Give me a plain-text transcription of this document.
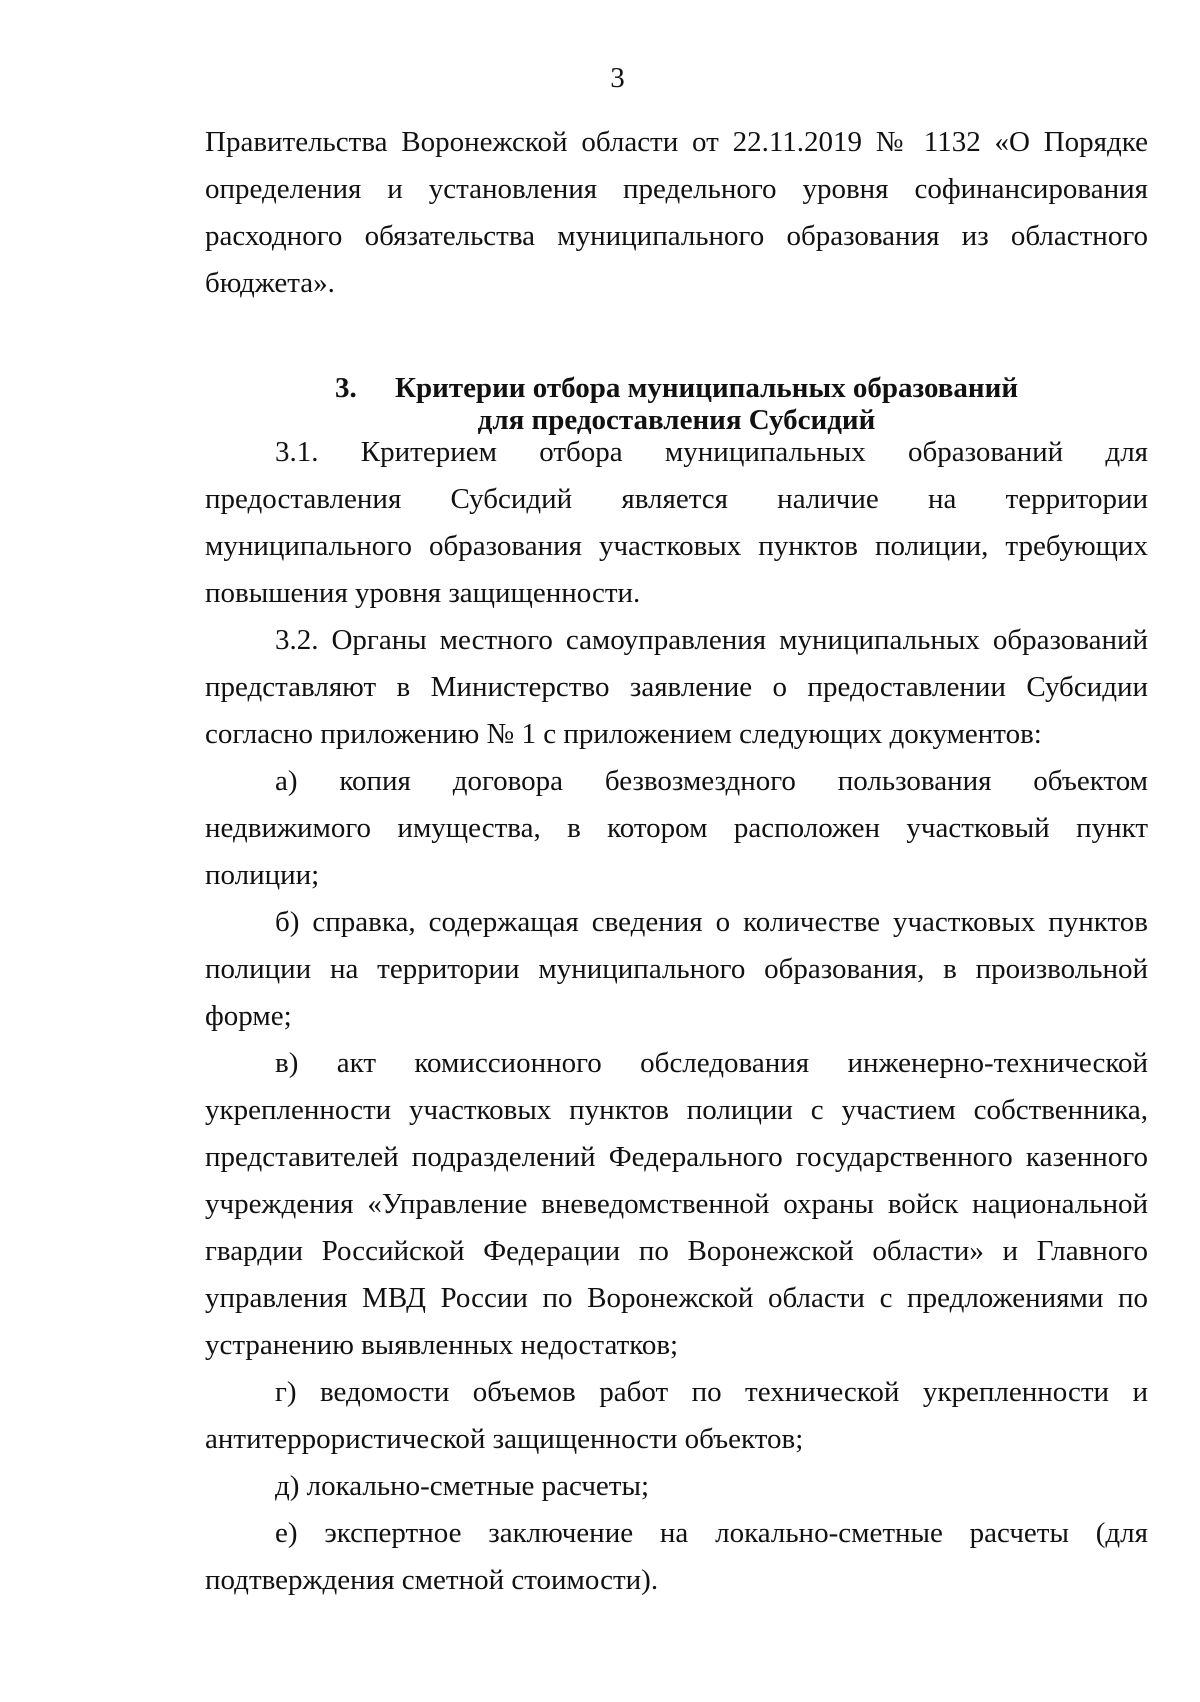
3

Правительства Воронежской области от 22.11.2019 № 1132 «О Порядке определения и установления предельного уровня софинансирования расходного обязательства муниципального образования из областного бюджета».

3. Критерии отбора муниципальных образований
для предоставления Субсидий

3.1. Критерием отбора муниципальных образований для предоставления Субсидий является наличие на территории муниципального образования участковых пунктов полиции, требующих повышения уровня защищенности.

3.2. Органы местного самоуправления муниципальных образований представляют в Министерство заявление о предоставлении Субсидии согласно приложению № 1 с приложением следующих документов:

а) копия договора безвозмездного пользования объектом недвижимого имущества, в котором расположен участковый пункт полиции;

б) справка, содержащая сведения о количестве участковых пунктов полиции на территории муниципального образования, в произвольной форме;

в) акт комиссионного обследования инженерно-технической укрепленности участковых пунктов полиции с участием собственника, представителей подразделений Федерального государственного казенного учреждения «Управление вневедомственной охраны войск национальной гвардии Российской Федерации по Воронежской области» и Главного управления МВД России по Воронежской области с предложениями по устранению выявленных недостатков;

г) ведомости объемов работ по технической укрепленности и антитеррористической защищенности объектов;

д) локально-сметные расчеты;

е) экспертное заключение на локально-сметные расчеты (для подтверждения сметной стоимости).
